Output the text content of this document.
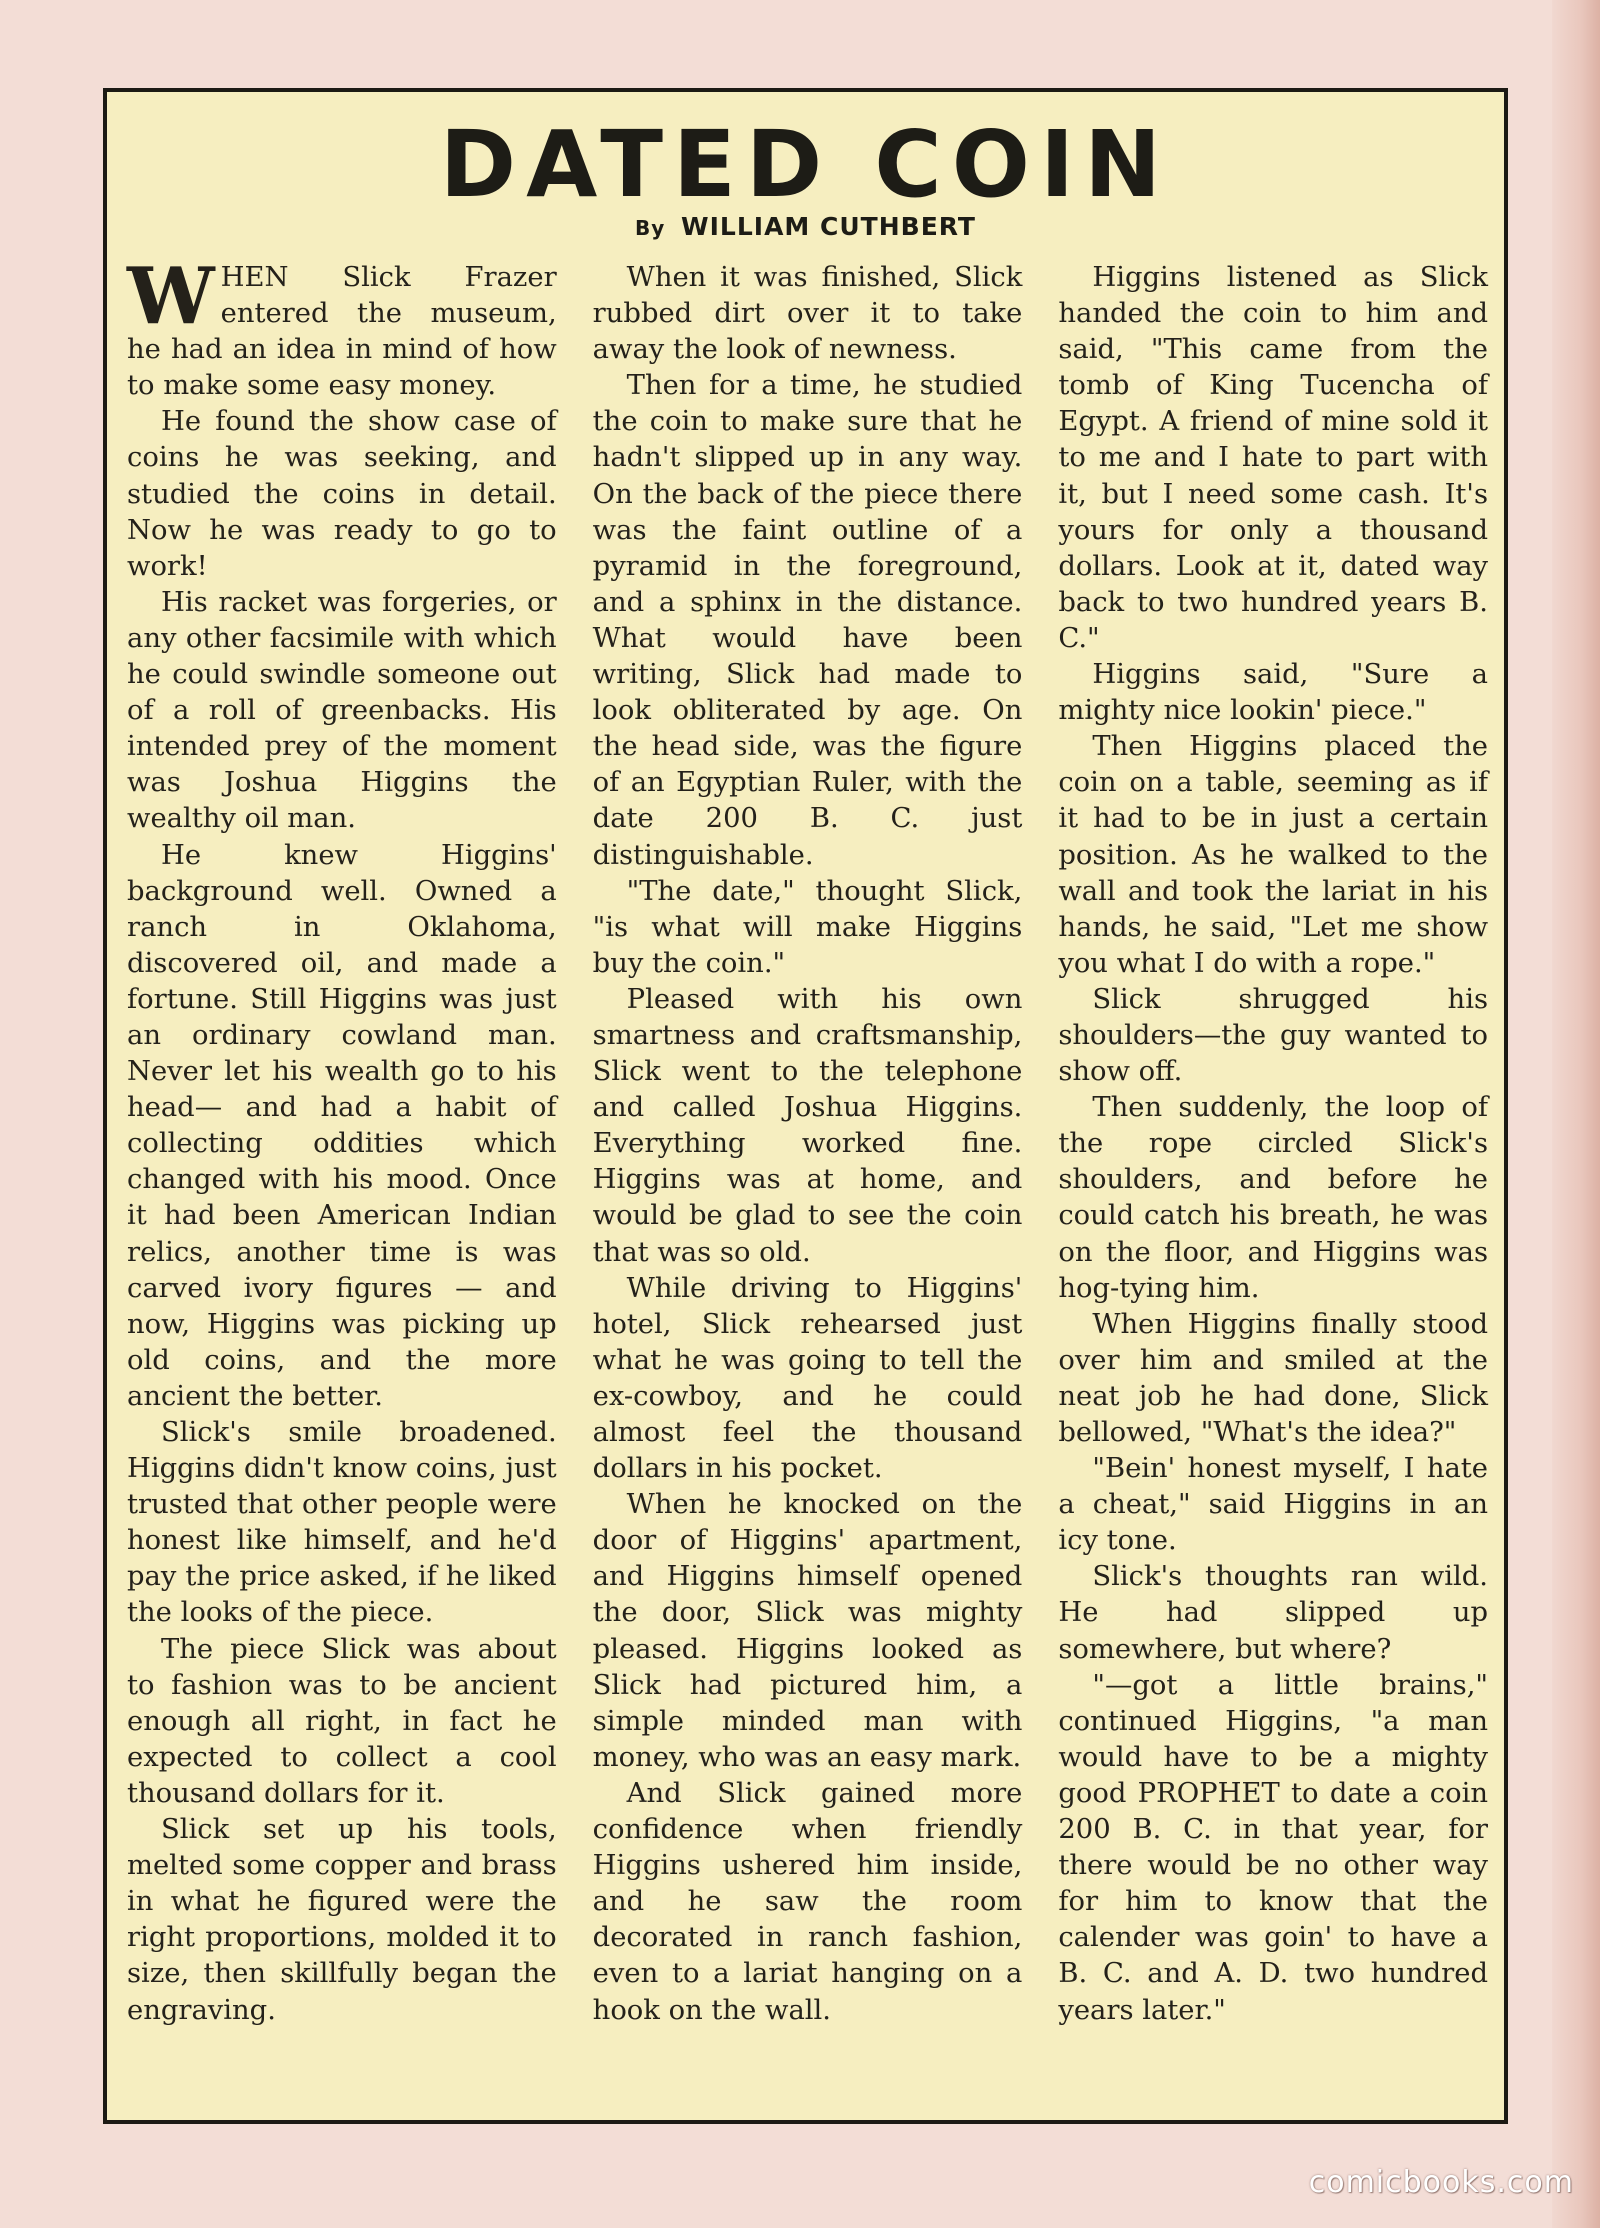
DATED COIN
By WILLIAM CUTHBERT

WHEN Slick Frazer entered the museum, he had an idea in mind of how to make some easy money.

He found the show case of coins he was seeking, and studied the coins in detail. Now he was ready to go to work!

His racket was forgeries, or any other facsimile with which he could swindle someone out of a roll of greenbacks. His intended prey of the moment was Joshua Higgins the wealthy oil man.

He knew Higgins' background well. Owned a ranch in Oklahoma, discovered oil, and made a fortune. Still Higgins was just an ordinary cowland man. Never let his wealth go to his head— and had a habit of collecting oddities which changed with his mood. Once it had been American Indian relics, another time is was carved ivory figures — and now, Higgins was picking up old coins, and the more ancient the better.

Slick's smile broadened. Higgins didn't know coins, just trusted that other people were honest like himself, and he'd pay the price asked, if he liked the looks of the piece.

The piece Slick was about to fashion was to be ancient enough all right, in fact he expected to collect a cool thousand dollars for it.

Slick set up his tools, melted some copper and brass in what he figured were the right proportions, molded it to size, then skillfully began the engraving.

When it was finished, Slick rubbed dirt over it to take away the look of newness.

Then for a time, he studied the coin to make sure that he hadn't slipped up in any way. On the back of the piece there was the faint outline of a pyramid in the foreground, and a sphinx in the distance. What would have been writing, Slick had made to look obliterated by age. On the head side, was the figure of an Egyptian Ruler, with the date 200 B. C. just distinguishable.

"The date," thought Slick, "is what will make Higgins buy the coin."

Pleased with his own smartness and craftsmanship, Slick went to the telephone and called Joshua Higgins. Everything worked fine. Higgins was at home, and would be glad to see the coin that was so old.

While driving to Higgins' hotel, Slick rehearsed just what he was going to tell the ex-cowboy, and he could almost feel the thousand dollars in his pocket.

When he knocked on the door of Higgins' apartment, and Higgins himself opened the door, Slick was mighty pleased. Higgins looked as Slick had pictured him, a simple minded man with money, who was an easy mark.

And Slick gained more confidence when friendly Higgins ushered him inside, and he saw the room decorated in ranch fashion, even to a lariat hanging on a hook on the wall.

Higgins listened as Slick handed the coin to him and said, "This came from the tomb of King Tucencha of Egypt. A friend of mine sold it to me and I hate to part with it, but I need some cash. It's yours for only a thousand dollars. Look at it, dated way back to two hundred years B. C."

Higgins said, "Sure a mighty nice lookin' piece."

Then Higgins placed the coin on a table, seeming as if it had to be in just a certain position. As he walked to the wall and took the lariat in his hands, he said, "Let me show you what I do with a rope."

Slick shrugged his shoulders—the guy wanted to show off.

Then suddenly, the loop of the rope circled Slick's shoulders, and before he could catch his breath, he was on the floor, and Higgins was hog-tying him.

When Higgins finally stood over him and smiled at the neat job he had done, Slick bellowed, "What's the idea?"

"Bein' honest myself, I hate a cheat," said Higgins in an icy tone.

Slick's thoughts ran wild. He had slipped up somewhere, but where?

"—got a little brains," continued Higgins, "a man would have to be a mighty good PROPHET to date a coin 200 B. C. in that year, for there would be no other way for him to know that the calender was goin' to have a B. C. and A. D. two hundred years later."

comicbooks.com
